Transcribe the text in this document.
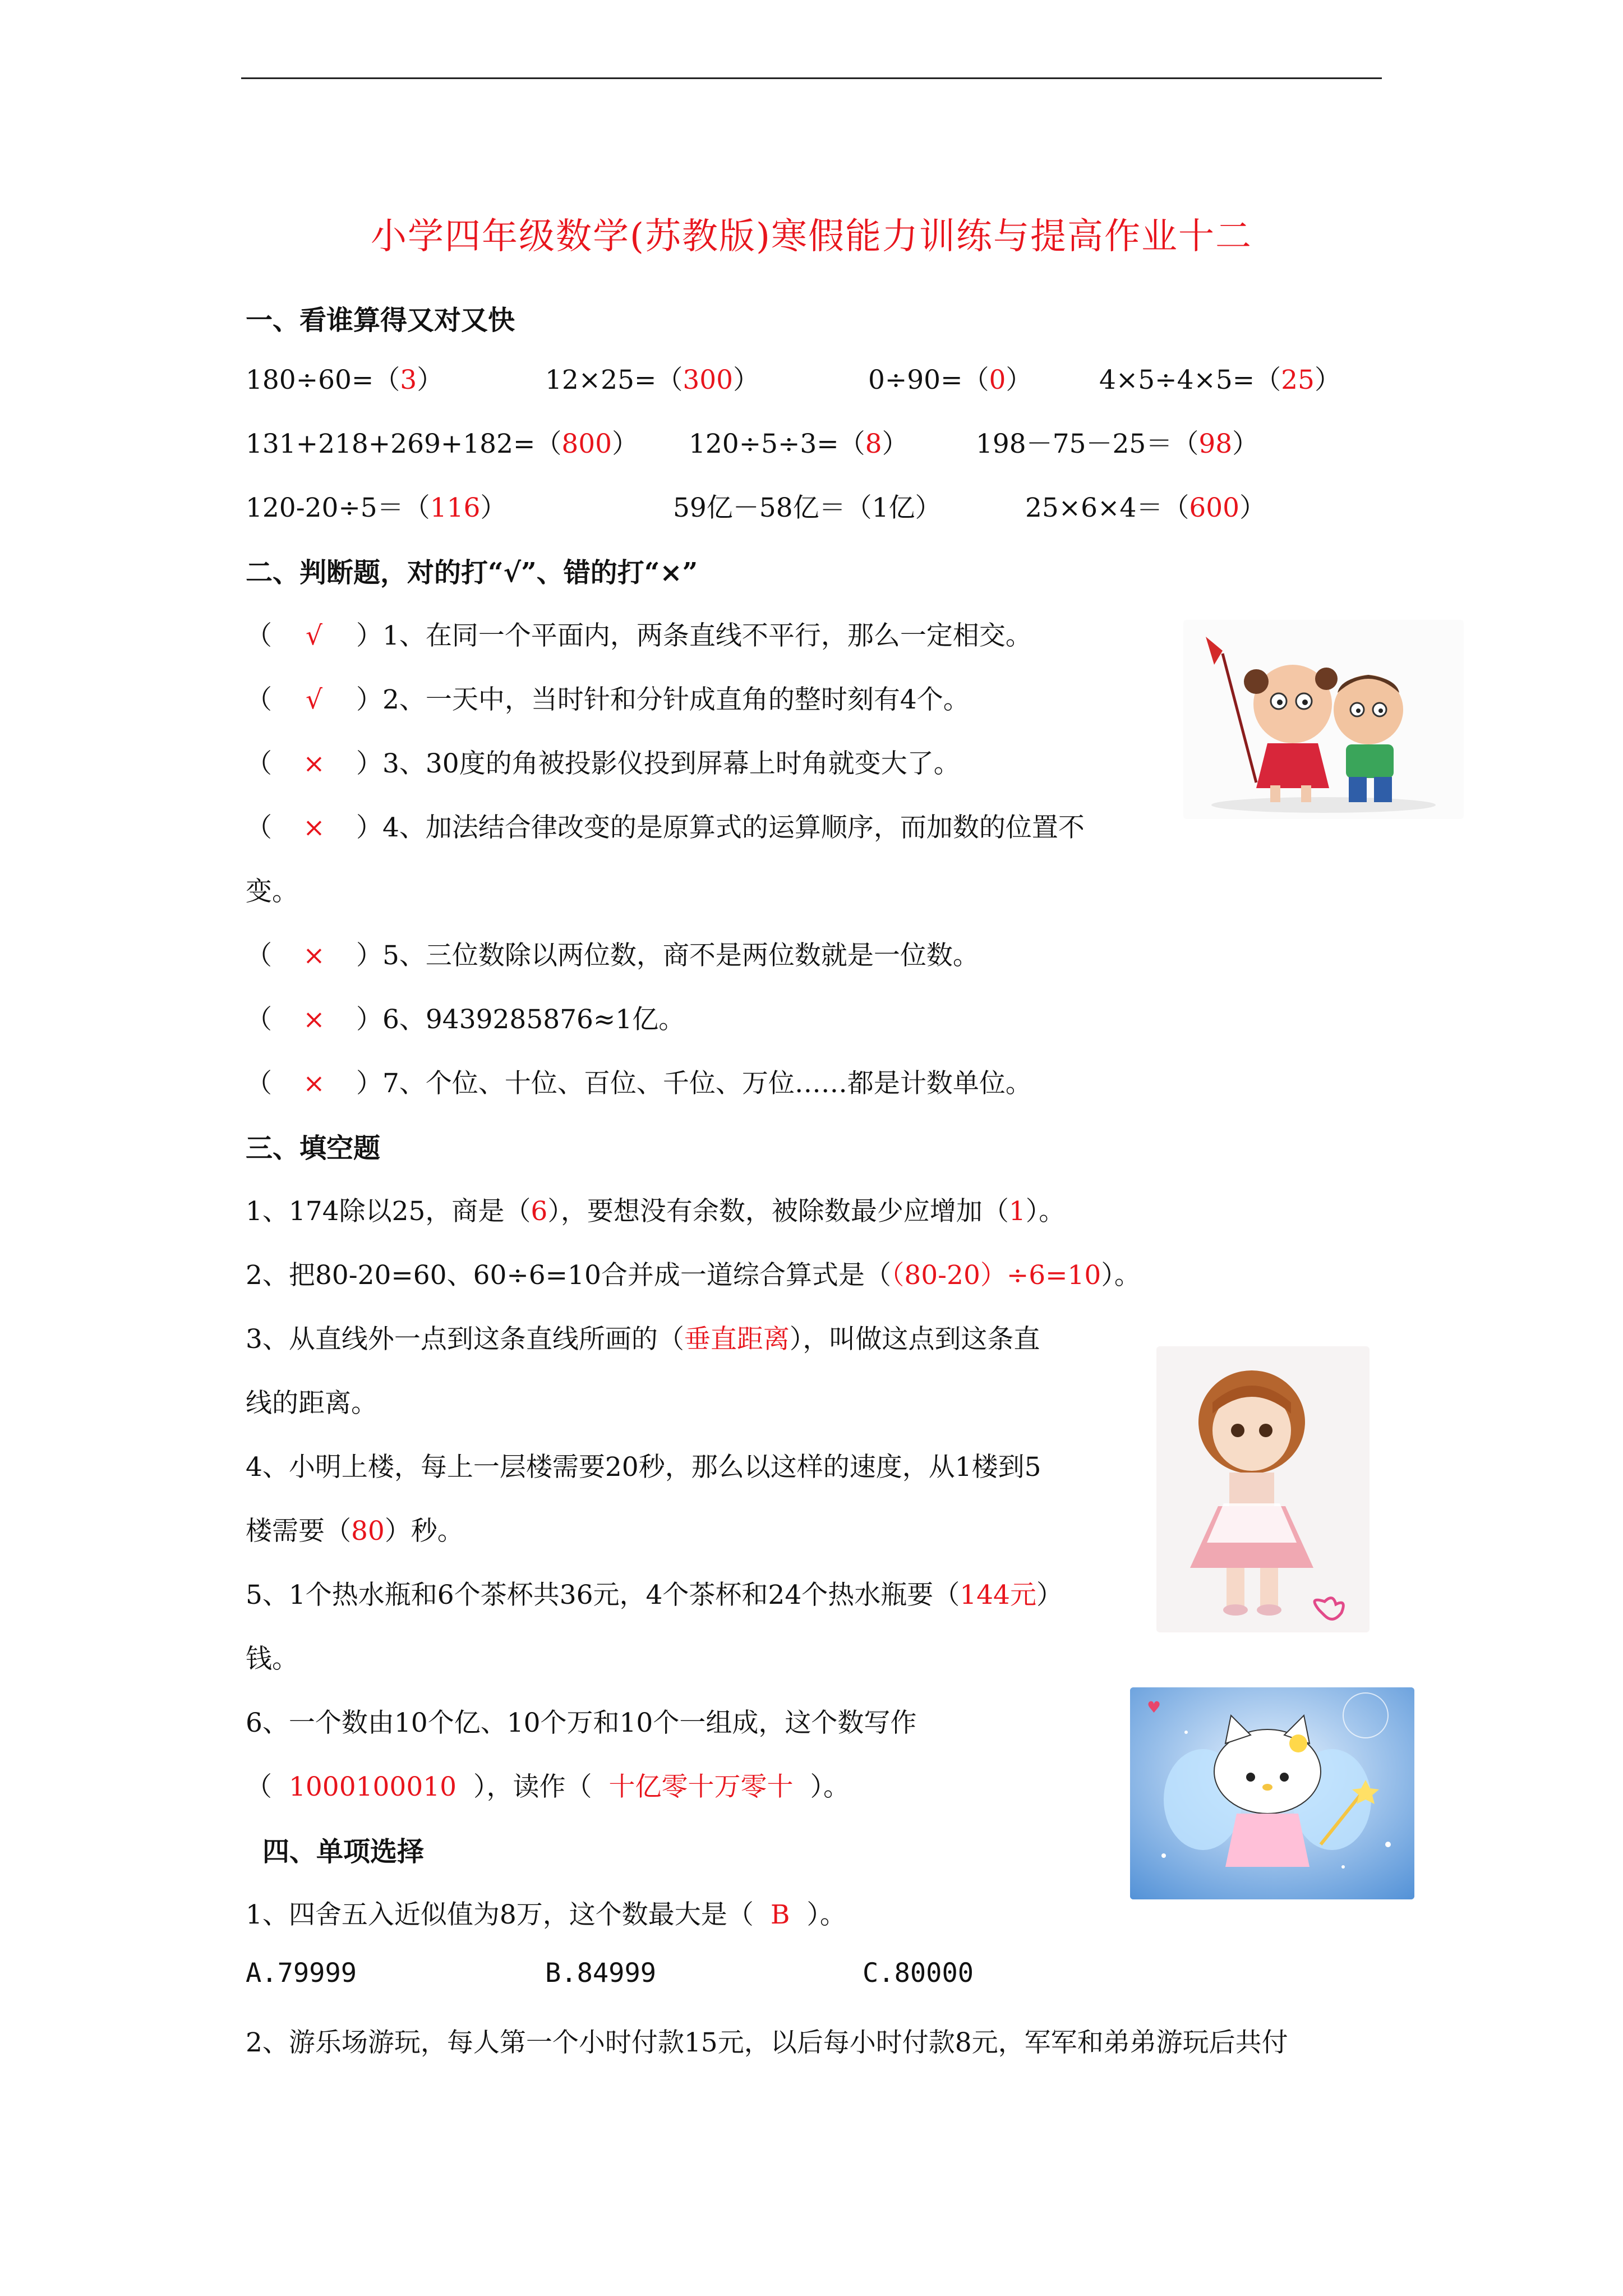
小学四年级数学(苏教版)寒假能力训练与提高作业十二
一、看谁算得又对又快
180÷60=（3）	12×25=（300）	0÷90=（0）	4×5÷4×5=（25）
131+218+269+182=（800） 120÷5÷3=（8）	198－75－25＝（98）
120-20÷5＝（116）	59亿－58亿＝（1亿）	25×6×4＝（600）
二、判断题，对的打“√”、错的打“×”
（ √ ）1、在同一个平面内，两条直线不平行，那么一定相交。
（ √ ）2、一天中，当时针和分针成直角的整时刻有4个。
（ × ）3、30度的角被投影仪投到屏幕上时角就变大了。
（ × ）4、加法结合律改变的是原算式的运算顺序，而加数的位置不
变。
（ × ）5、三位数除以两位数，商不是两位数就是一位数。
（ × ）6、9439285876≈1亿。
（ × ）7、个位、十位、百位、千位、万位……都是计数单位。
三、填空题
1、174除以25，商是（6），要想没有余数，被除数最少应增加（1）。
2、把80-20=60、60÷6=10合并成一道综合算式是（（80-20）÷6=10）。
3、从直线外一点到这条直线所画的（垂直距离），叫做这点到这条直
线的距离。
4、小明上楼，每上一层楼需要20秒，那么以这样的速度，从1楼到5
楼需要（80）秒。
5、1个热水瓶和6个茶杯共36元，4个茶杯和24个热水瓶要（144元）
钱。
6、一个数由10个亿、10个万和10个一组成，这个数写作
（ 1000100010 ），读作（ 十亿零十万零十 ）。
♥
四、单项选择
1、四舍五入近似值为8万，这个数最大是（ B ）。
A.79999	B.84999	C.80000
2、游乐场游玩，每人第一个小时付款15元，以后每小时付款8元，军军和弟弟游玩后共付
